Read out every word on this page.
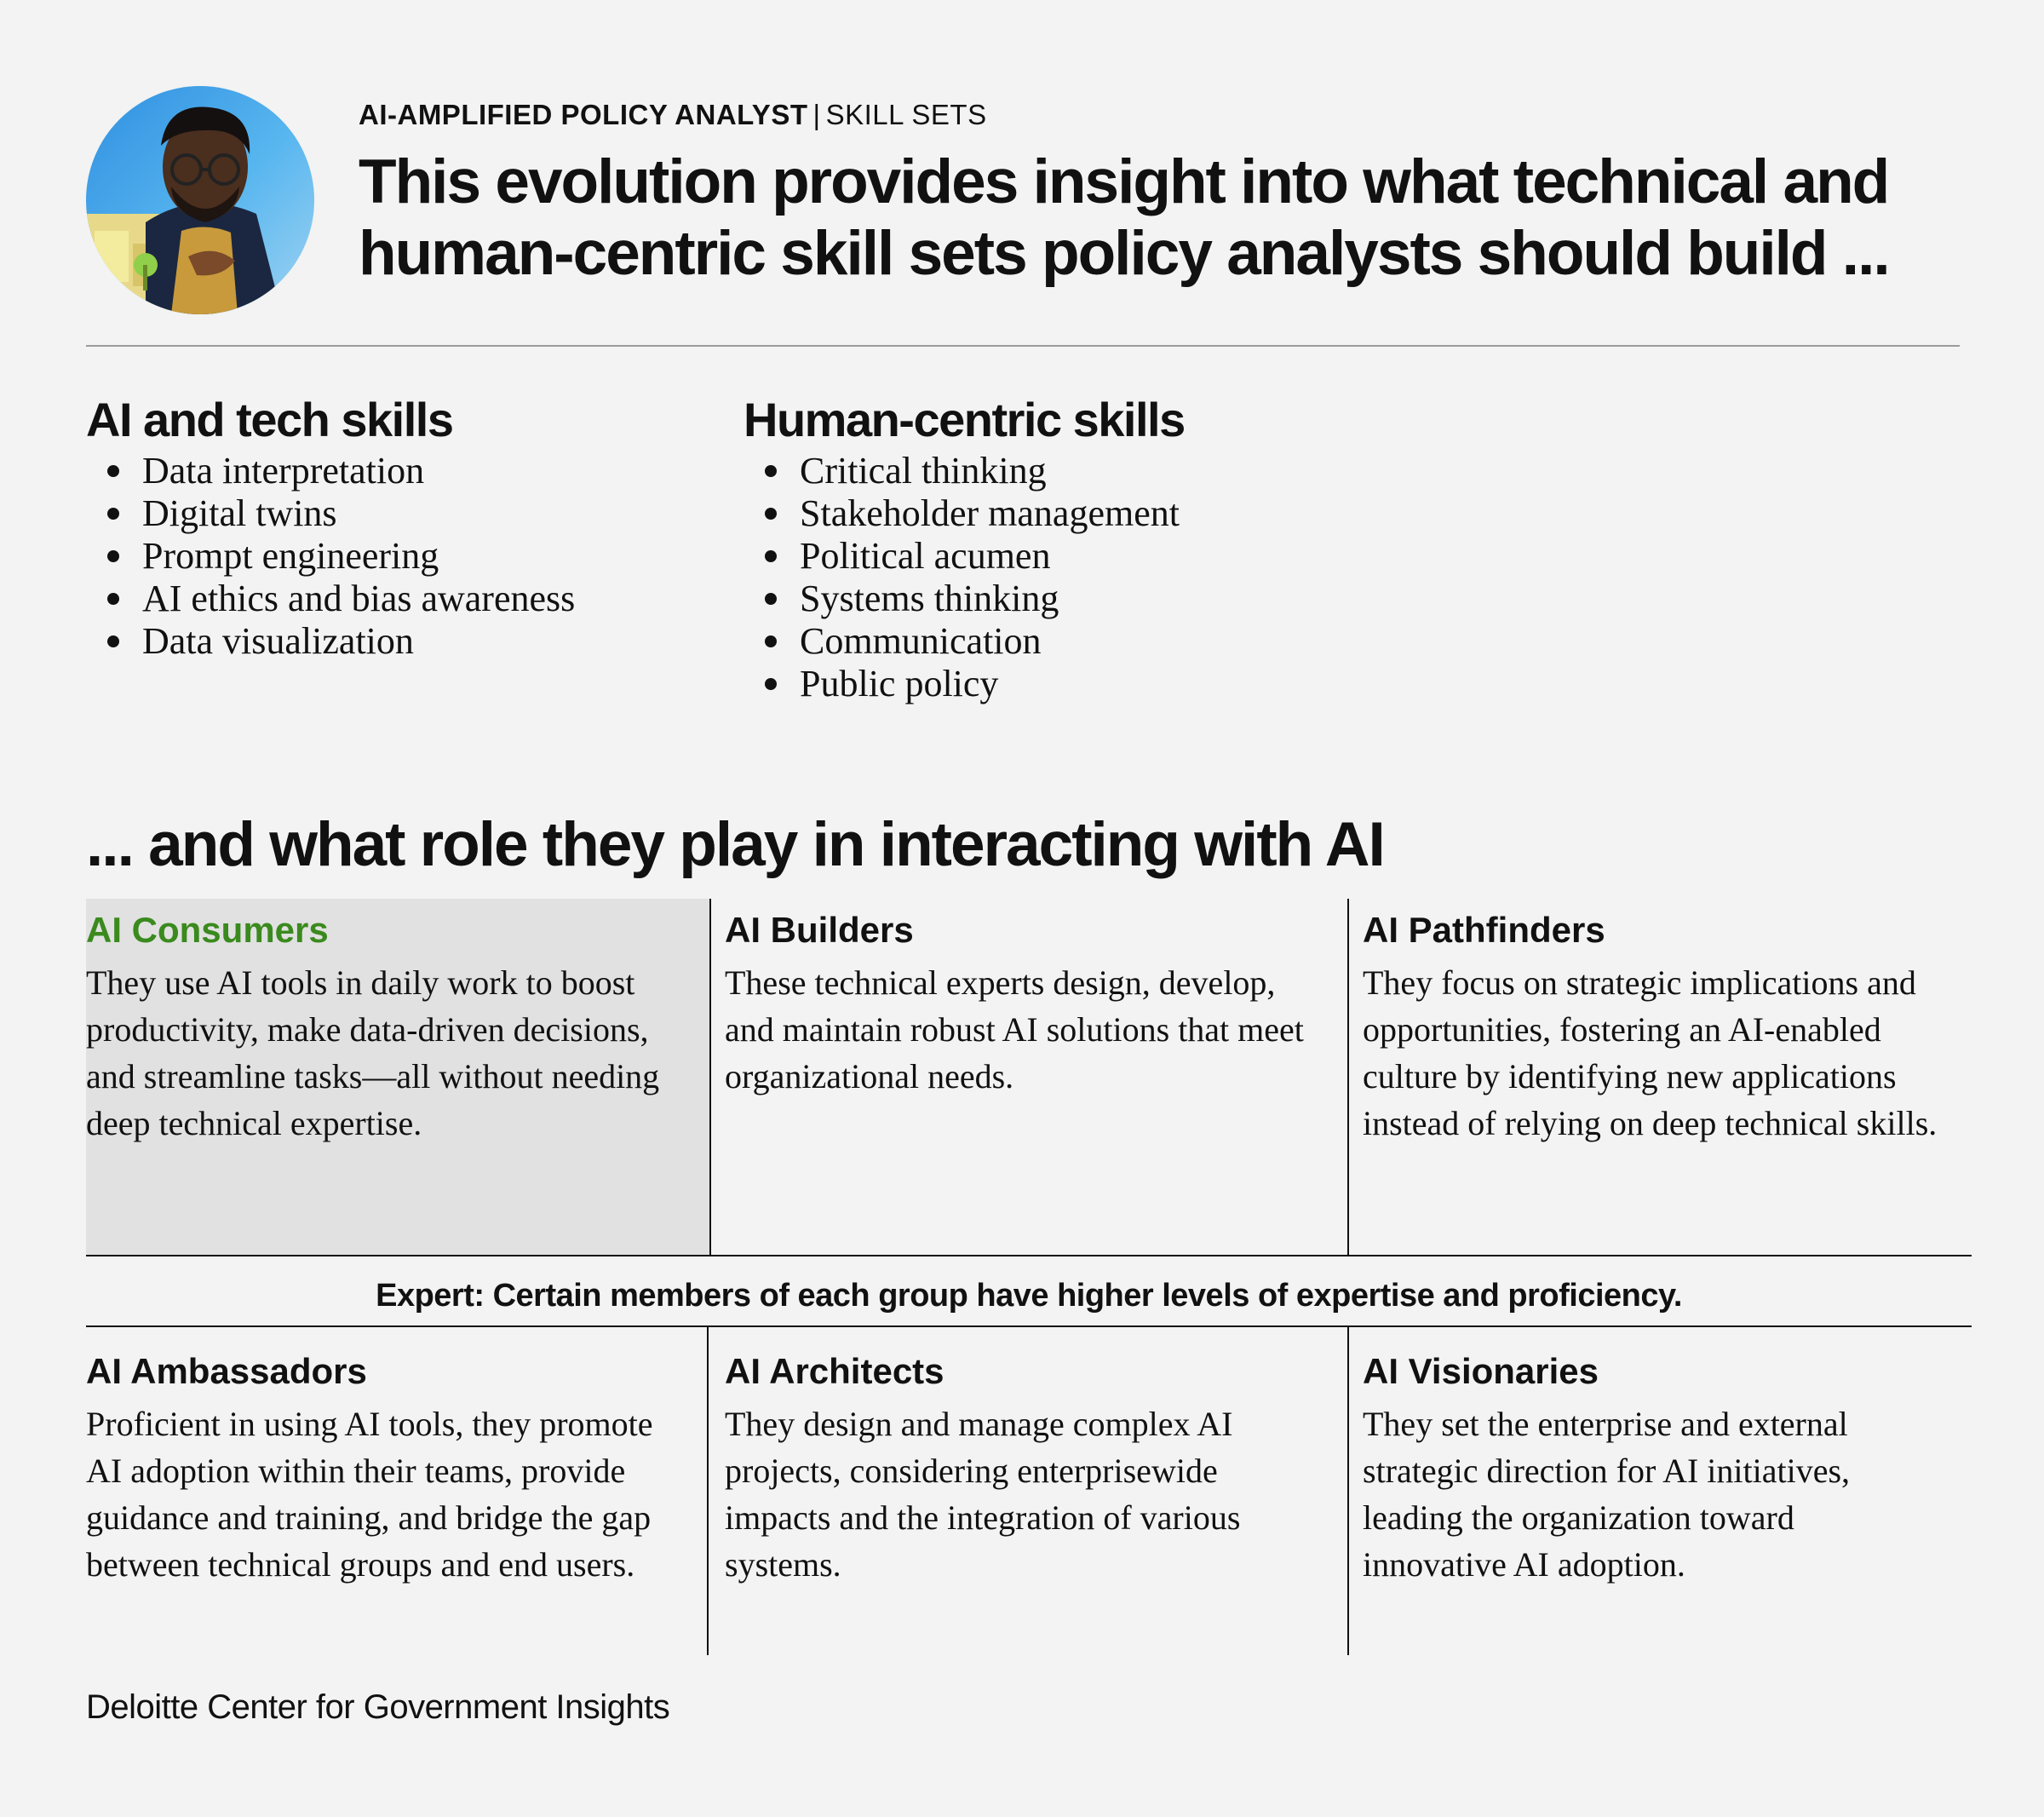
AI-AMPLIFIED POLICY ANALYST | SKILL SETS
This evolution provides insight into what technical and human-centric skill sets policy analysts should build ...
AI and tech skills
Data interpretation
Digital twins
Prompt engineering
AI ethics and bias awareness
Data visualization
Human-centric skills
Critical thinking
Stakeholder management
Political acumen
Systems thinking
Communication
Public policy
... and what role they play in interacting with AI
AI Consumers

They use AI tools in daily work to boost productivity, make data-driven decisions, and streamline tasks—all without needing deep technical expertise.

AI Builders

These technical experts design, develop, and maintain robust AI solutions that meet organizational needs.

AI Pathfinders

They focus on strategic implications and opportunities, fostering an AI-enabled culture by identifying new applications instead of relying on deep technical skills.

Expert: Certain members of each group have higher levels of expertise and proficiency.
AI Ambassadors

Proficient in using AI tools, they promote AI adoption within their teams, provide guidance and training, and bridge the gap between technical groups and end users.

AI Architects

They design and manage complex AI projects, considering enterprisewide impacts and the integration of various systems.

AI Visionaries

They set the enterprise and external strategic direction for AI initiatives, leading the organization toward innovative AI adoption.

Deloitte Center for Government Insights
